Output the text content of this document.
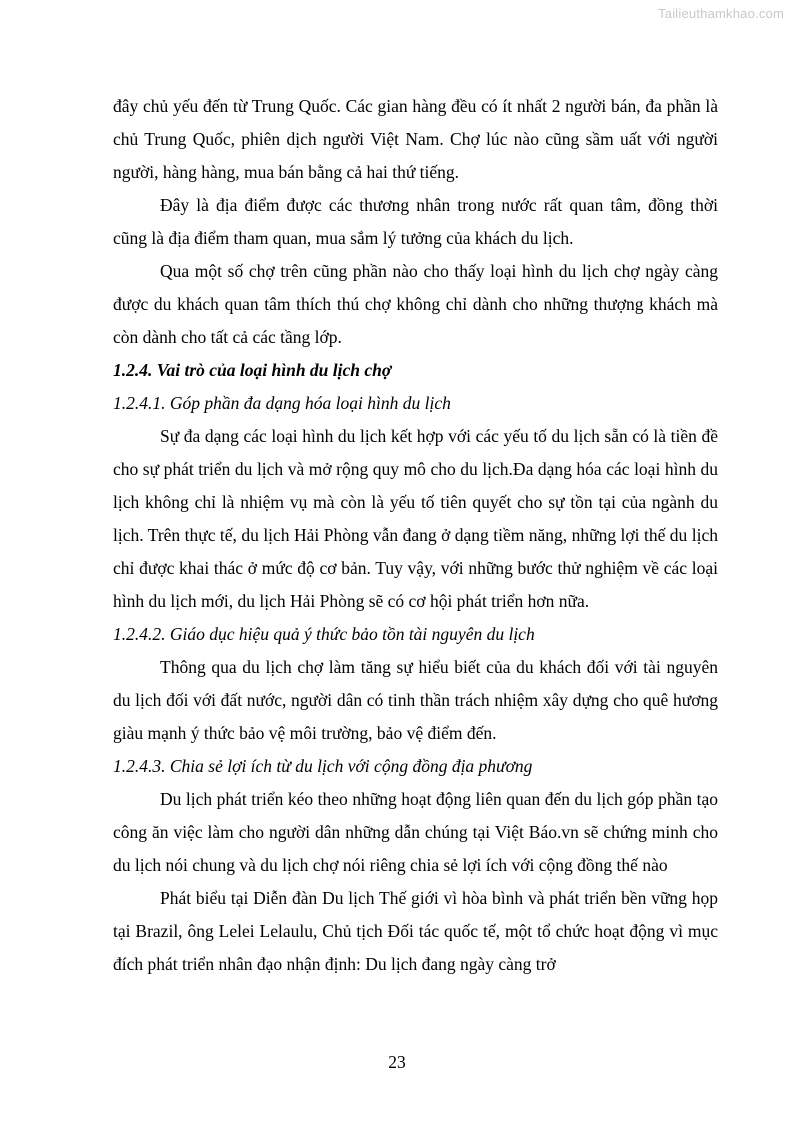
Tailieuthamkhao.com

đây chủ yếu đến từ Trung Quốc. Các gian hàng đều có ít nhất 2 người bán, đa phần là chủ Trung Quốc, phiên dịch người Việt Nam. Chợ lúc nào cũng sầm uất với người người, hàng hàng, mua bán bằng cả hai thứ tiếng.

Đây là địa điểm được các thương nhân trong nước rất quan tâm, đồng thời cũng là địa điểm tham quan, mua sắm lý tưởng của khách du lịch.

Qua một số chợ trên cũng phần nào cho thấy loại hình du lịch chợ ngày càng được du khách quan tâm thích thú chợ không chỉ dành cho những thượng khách mà còn dành cho tất cả các tầng lớp.

1.2.4. Vai trò của loại hình du lịch chợ

1.2.4.1. Góp phần đa dạng hóa loại hình du lịch

Sự đa dạng các loại hình du lịch kết hợp với các yếu tố du lịch sẵn có là tiền đề cho sự phát triển du lịch và mở rộng quy mô cho du lịch.Đa dạng hóa các loại hình du lịch không chỉ là nhiệm vụ mà còn là yếu tố tiên quyết cho sự tồn tại của ngành du lịch. Trên thực tế, du lịch Hải Phòng vẫn đang ở dạng tiềm năng, những lợi thế du lịch chỉ được khai thác ở mức độ cơ bản. Tuy vậy, với những bước thử nghiệm về các loại hình du lịch mới, du lịch Hải Phòng sẽ có cơ hội phát triển hơn nữa.

1.2.4.2. Giáo dục hiệu quả ý thức bảo tồn tài nguyên du lịch

Thông qua du lịch chợ làm tăng sự hiểu biết của du khách đối với tài nguyên du lịch đối với đất nước, người dân có tinh thần trách nhiệm xây dựng cho quê hương giàu mạnh ý thức bảo vệ môi trường, bảo vệ điểm đến.

1.2.4.3. Chia sẻ lợi ích từ du lịch với cộng đồng địa phương

Du lịch phát triển kéo theo những hoạt động liên quan đến du lịch góp phần tạo công ăn việc làm cho người dân những dẫn chúng tại Việt Báo.vn sẽ chứng minh cho du lịch nói chung và du lịch chợ nói riêng chia sẻ lợi ích với cộng đồng thế nào

Phát biểu tại Diễn đàn Du lịch Thế giới vì hòa bình và phát triển bền vững họp tại Brazil, ông Lelei Lelaulu, Chủ tịch Đối tác quốc tế, một tổ chức hoạt động vì mục đích phát triển nhân đạo nhận định: Du lịch đang ngày càng trở

23
